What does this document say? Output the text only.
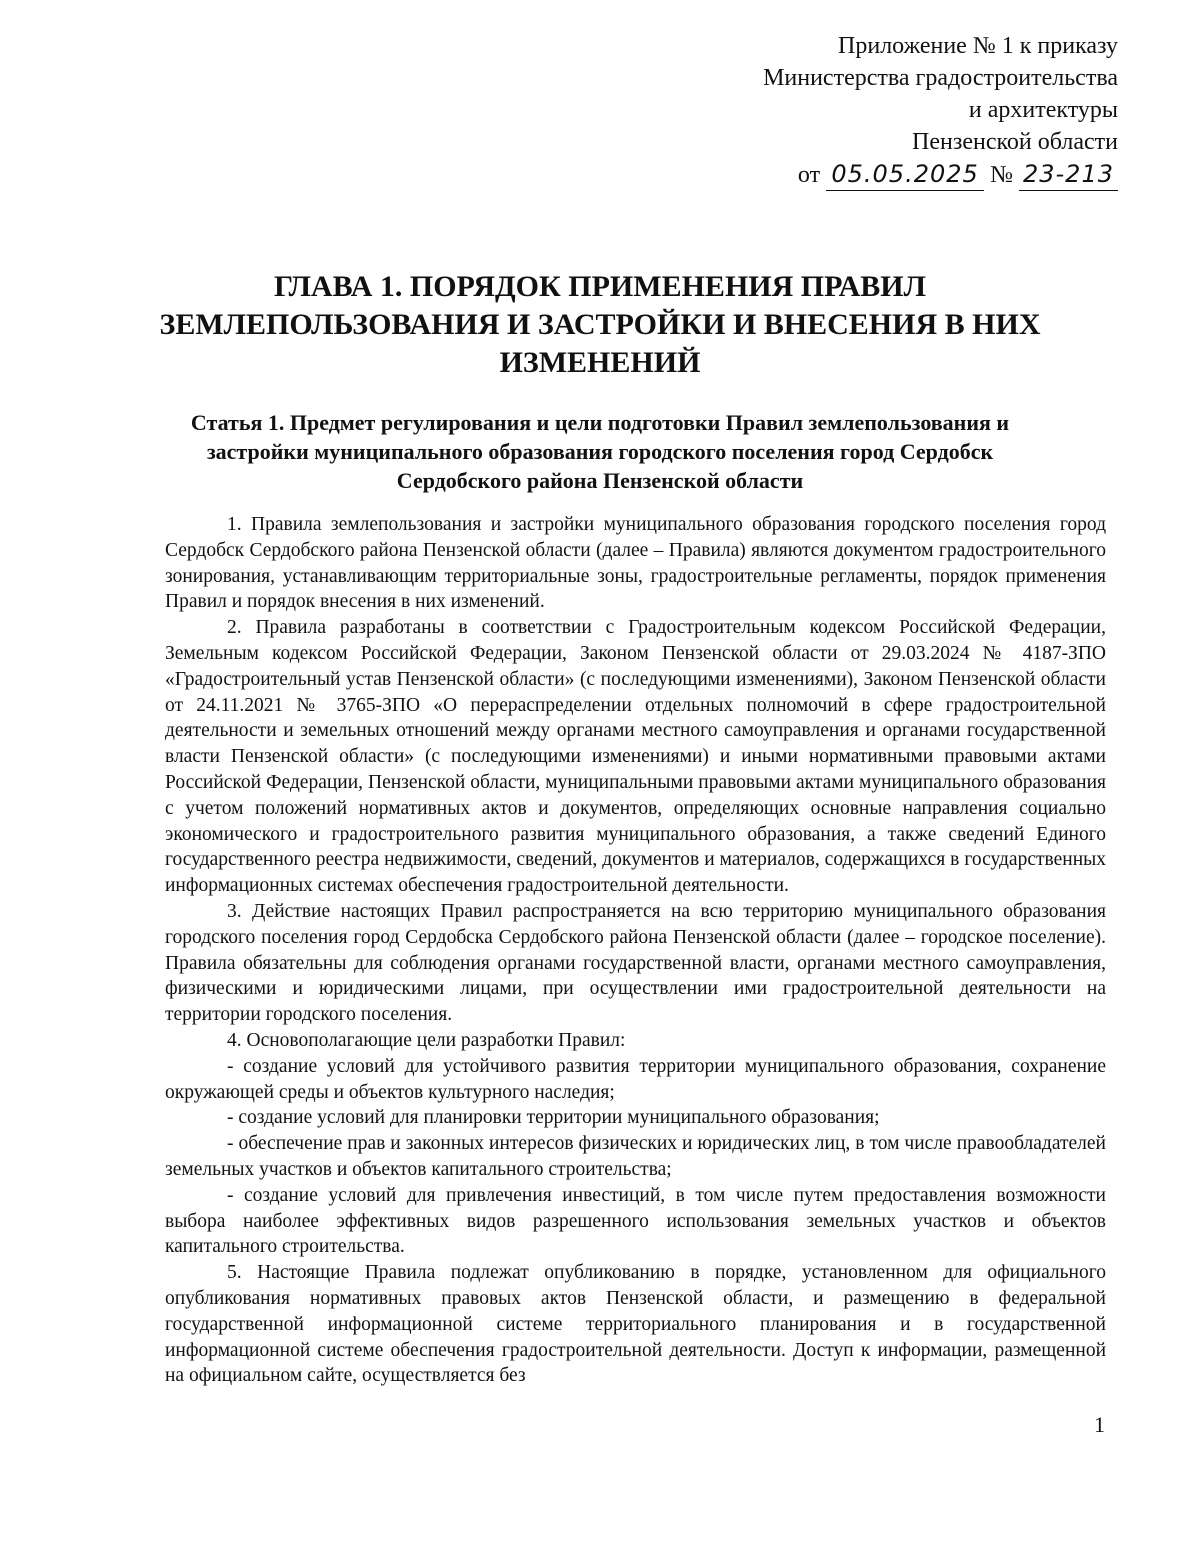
Приложение № 1 к приказу
Министерства градостроительства
и архитектуры
Пензенской области
от 05.05.2025 № 23-213
ГЛАВА 1. ПОРЯДОК ПРИМЕНЕНИЯ ПРАВИЛ ЗЕМЛЕПОЛЬЗОВАНИЯ И ЗАСТРОЙКИ И ВНЕСЕНИЯ В НИХ ИЗМЕНЕНИЙ
Статья 1. Предмет регулирования и цели подготовки Правил землепользования и застройки муниципального образования городского поселения город Сердобск Сердобского района Пензенской области

1. Правила землепользования и застройки муниципального образования городского поселения город Сердобск Сердобского района Пензенской области (далее – Правила) являются документом градостроительного зонирования, устанавливающим территориальные зоны, градостроительные регламенты, порядок применения Правил и порядок внесения в них изменений.

2. Правила разработаны в соответствии с Градостроительным кодексом Российской Федерации, Земельным кодексом Российской Федерации, Законом Пензенской области от 29.03.2024 № 4187-ЗПО «Градостроительный устав Пензенской области» (с последующими изменениями), Законом Пензенской области от 24.11.2021 № 3765-ЗПО «О перераспределении отдельных полномочий в сфере градостроительной деятельности и земельных отношений между органами местного самоуправления и органами государственной власти Пензенской области» (с последующими изменениями) и иными нормативными правовыми актами Российской Федерации, Пензенской области, муниципальными правовыми актами муниципального образования с учетом положений нормативных актов и документов, определяющих основные направления социально экономического и градостроительного развития муниципального образования, а также сведений Единого государственного реестра недвижимости, сведений, документов и материалов, содержащихся в государственных информационных системах обеспечения градостроительной деятельности.

3. Действие настоящих Правил распространяется на всю территорию муниципального образования городского поселения город Сердобска Сердобского района Пензенской области (далее – городское поселение). Правила обязательны для соблюдения органами государственной власти, органами местного самоуправления, физическими и юридическими лицами, при осуществлении ими градостроительной деятельности на территории городского поселения.

4. Основополагающие цели разработки Правил:

- создание условий для устойчивого развития территории муниципального образования, сохранение окружающей среды и объектов культурного наследия;

- создание условий для планировки территории муниципального образования;

- обеспечение прав и законных интересов физических и юридических лиц, в том числе правообладателей земельных участков и объектов капитального строительства;

- создание условий для привлечения инвестиций, в том числе путем предоставления возможности выбора наиболее эффективных видов разрешенного использования земельных участков и объектов капитального строительства.

5. Настоящие Правила подлежат опубликованию в порядке, установленном для официального опубликования нормативных правовых актов Пензенской области, и размещению в федеральной государственной информационной системе территориального планирования и в государственной информационной системе обеспечения градостроительной деятельности. Доступ к информации, размещенной на официальном сайте, осуществляется без

1
